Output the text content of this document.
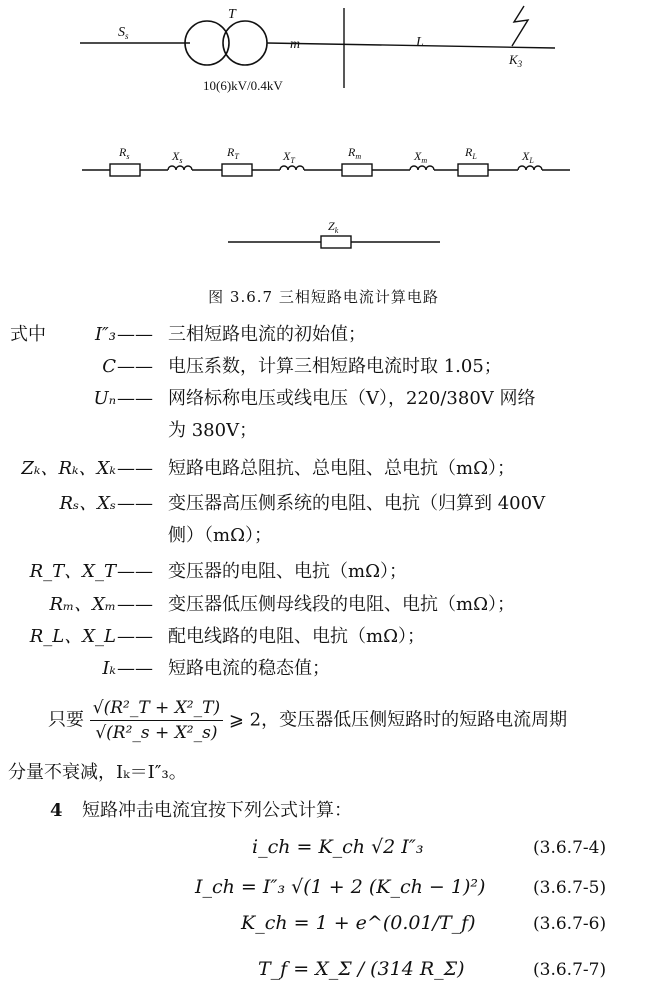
$S_s$
T
m	L
$K_3$
10(6)kV/0.4kV
$R_s$	$X_s$
$R_T$	$X_T$
$R_m$	$X_m$
$R_L$	$X_L$
$Z_k$
图 3.6.7 三相短路电流计算电路
式中	I″₃ —— 三相短路电流的初始值；
C —— 电压系数，计算三相短路电流时取 1.05；
Uₙ —— 网络标称电压或线电压（V），220/380V 网络
为 380V；
Zₖ、Rₖ、Xₖ —— 短路电路总阻抗、总电阻、总电抗（mΩ）；
Rₛ、Xₛ —— 变压器高压侧系统的电阻、电抗（归算到 400V
侧）（mΩ）；
R_T、X_T —— 变压器的电阻、电抗（mΩ）；
Rₘ、Xₘ —— 变压器低压侧母线段的电阻、电抗（mΩ）；
R_L、X_L —— 配电线路的电阻、电抗（mΩ）；
Iₖ —— 短路电流的稳态值；
只要 $\frac{\text{√(R²\_T + X²\_T)}}{\text{√(R²\_s + X²\_s)}}$ ⩾ 2，变压器低压侧短路时的短路电流周期
分量不衰减，Iₖ＝I″₃。
4 短路冲击电流宜按下列公式计算：
i_ch = K_ch √2 I″₃	(3.6.7-4)
I_ch = I″₃ √(1 + 2 (K_ch − 1)²)	(3.6.7-5)
K_ch = 1 + e^(0.01/T_f)	(3.6.7-6)
T_f = X_Σ / (314 R_Σ)	(3.6.7-7)
